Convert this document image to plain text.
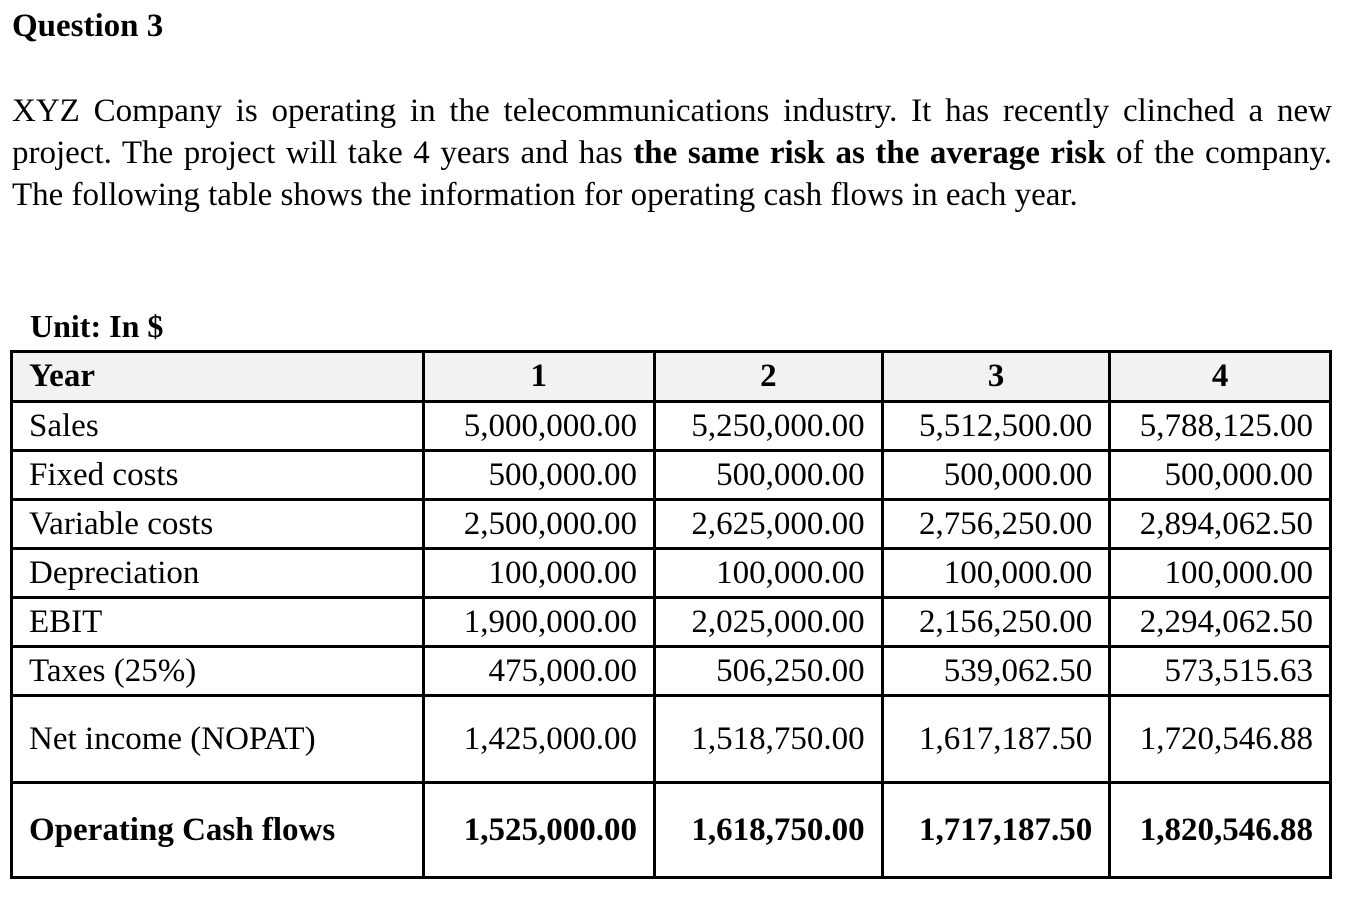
Question 3

XYZ Company is operating in the telecommunications industry. It has recently clinched a new project. The project will take 4 years and has the same risk as the average risk of the company. The following table shows the information for operating cash flows in each year.

Unit: In $

Year	1	2	3	4
Sales	5,000,000.00	5,250,000.00	5,512,500.00	5,788,125.00
Fixed costs	500,000.00	500,000.00	500,000.00	500,000.00
Variable costs	2,500,000.00	2,625,000.00	2,756,250.00	2,894,062.50
Depreciation	100,000.00	100,000.00	100,000.00	100,000.00
EBIT	1,900,000.00	2,025,000.00	2,156,250.00	2,294,062.50
Taxes (25%)	475,000.00	506,250.00	539,062.50	573,515.63
Net income (NOPAT)	1,425,000.00	1,518,750.00	1,617,187.50	1,720,546.88
Operating Cash flows	1,525,000.00	1,618,750.00	1,717,187.50	1,820,546.88
